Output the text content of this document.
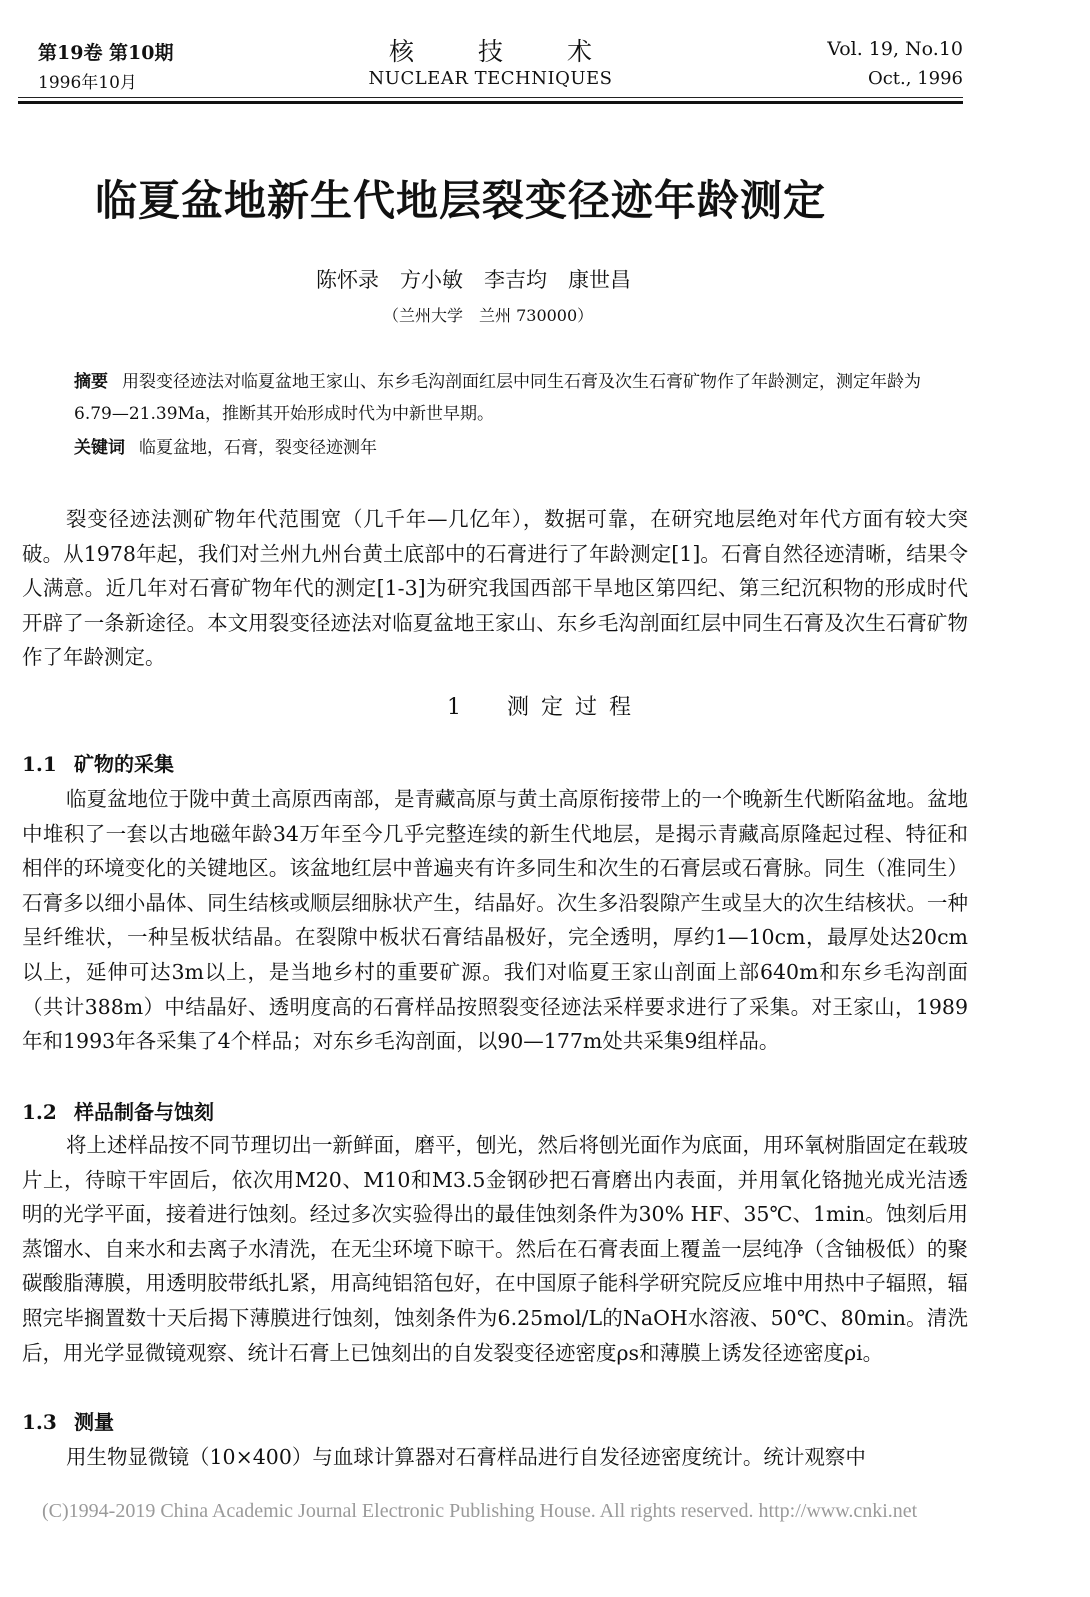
第19卷 第10期
1996年10月
核 技 术
NUCLEAR TECHNIQUES
Vol. 19, No.10
Oct., 1996
临夏盆地新生代地层裂变径迹年龄测定
陈怀录　方小敏　李吉均　康世昌
（兰州大学　兰州 730000）
摘要 用裂变径迹法对临夏盆地王家山、东乡毛沟剖面红层中同生石膏及次生石膏矿物作了年龄测定，测定年龄为6.79—21.39Ma，推断其开始形成时代为中新世早期。
关键词 临夏盆地，石膏，裂变径迹测年
裂变径迹法测矿物年代范围宽（几千年—几亿年），数据可靠，在研究地层绝对年代方面有较大突破。从1978年起，我们对兰州九州台黄土底部中的石膏进行了年龄测定[1]。石膏自然径迹清晰，结果令人满意。近几年对石膏矿物年代的测定[1-3]为研究我国西部干旱地区第四纪、第三纪沉积物的形成时代开辟了一条新途径。本文用裂变径迹法对临夏盆地王家山、东乡毛沟剖面红层中同生石膏及次生石膏矿物作了年龄测定。
1　测定过程
1.1 矿物的采集
临夏盆地位于陇中黄土高原西南部，是青藏高原与黄土高原衔接带上的一个晚新生代断陷盆地。盆地中堆积了一套以古地磁年龄34万年至今几乎完整连续的新生代地层，是揭示青藏高原隆起过程、特征和相伴的环境变化的关键地区。该盆地红层中普遍夹有许多同生和次生的石膏层或石膏脉。同生（准同生）石膏多以细小晶体、同生结核或顺层细脉状产生，结晶好。次生多沿裂隙产生或呈大的次生结核状。一种呈纤维状，一种呈板状结晶。在裂隙中板状石膏结晶极好，完全透明，厚约1—10cm，最厚处达20cm以上，延伸可达3m以上，是当地乡村的重要矿源。我们对临夏王家山剖面上部640m和东乡毛沟剖面（共计388m）中结晶好、透明度高的石膏样品按照裂变径迹法采样要求进行了采集。对王家山，1989年和1993年各采集了4个样品；对东乡毛沟剖面，以90—177m处共采集9组样品。
1.2 样品制备与蚀刻
将上述样品按不同节理切出一新鲜面，磨平，刨光，然后将刨光面作为底面，用环氧树脂固定在载玻片上，待晾干牢固后，依次用M20、M10和M3.5金钢砂把石膏磨出内表面，并用氧化铬抛光成光洁透明的光学平面，接着进行蚀刻。经过多次实验得出的最佳蚀刻条件为30% HF、35℃、1min。蚀刻后用蒸馏水、自来水和去离子水清洗，在无尘环境下晾干。然后在石膏表面上覆盖一层纯净（含铀极低）的聚碳酸脂薄膜，用透明胶带纸扎紧，用高纯铝箔包好，在中国原子能科学研究院反应堆中用热中子辐照，辐照完毕搁置数十天后揭下薄膜进行蚀刻，蚀刻条件为6.25mol/L的NaOH水溶液、50℃、80min。清洗后，用光学显微镜观察、统计石膏上已蚀刻出的自发裂变径迹密度ρs和薄膜上诱发径迹密度ρi。
1.3 测量
用生物显微镜（10×400）与血球计算器对石膏样品进行自发径迹密度统计。统计观察中
(C)1994-2019 China Academic Journal Electronic Publishing House. All rights reserved. http://www.cnki.net
